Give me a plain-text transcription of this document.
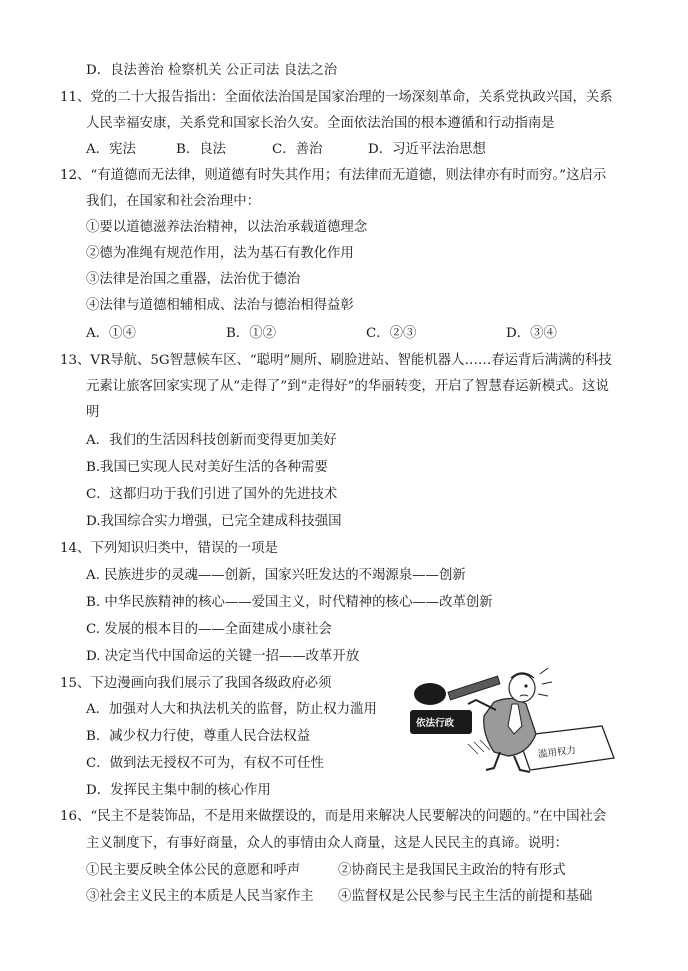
D．良法善治 检察机关 公正司法 良法之治
11、党的二十大报告指出：全面依法治国是国家治理的一场深刻革命，关系党执政兴国，关系
人民幸福安康，关系党和国家长治久安。全面依法治国的根本遵循和行动指南是
A．宪法	B．良法	C．善治	D．习近平法治思想
12、“有道德而无法律，则道德有时失其作用；有法律而无道德，则法律亦有时而穷。”这启示
我们，在国家和社会治理中：
①要以道德滋养法治精神，以法治承载道德理念
②德为准绳有规范作用，法为基石有教化作用
③法律是治国之重器，法治优于德治
④法律与道德相辅相成、法治与德治相得益彰
A．①④	B．①②	C．②③	D．③④
13、VR导航、5G智慧候车区、“聪明”厕所、刷脸进站、智能机器人……春运背后满满的科技
元素让旅客回家实现了从“走得了”到“走得好”的华丽转变，开启了智慧春运新模式。这说
明
A．我们的生活因科技创新而变得更加美好
B.我国已实现人民对美好生活的各种需要
C．这都归功于我们引进了国外的先进技术
D.我国综合实力增强，已完全建成科技强国
14、下列知识归类中，错误的一项是
A. 民族进步的灵魂——创新，国家兴旺发达的不竭源泉——创新
B. 中华民族精神的核心——爱国主义，时代精神的核心——改革创新
C. 发展的根本目的——全面建成小康社会
D. 决定当代中国命运的关键一招——改革开放
15、下边漫画向我们展示了我国各级政府必须
A．加强对人大和执法机关的监督，防止权力滥用
B．减少权力行使，尊重人民合法权益
C．做到法无授权不可为，有权不可任性
D．发挥民主集中制的核心作用
滥用权力
依法行政
16、“民主不是装饰品，不是用来做摆设的，而是用来解决人民要解决的问题的。”在中国社会
主义制度下，有事好商量，众人的事情由众人商量，这是人民民主的真谛。说明：
①民主要反映全体公民的意愿和呼声	②协商民主是我国民主政治的特有形式
③社会主义民主的本质是人民当家作主 ④监督权是公民参与民主生活的前提和基础
